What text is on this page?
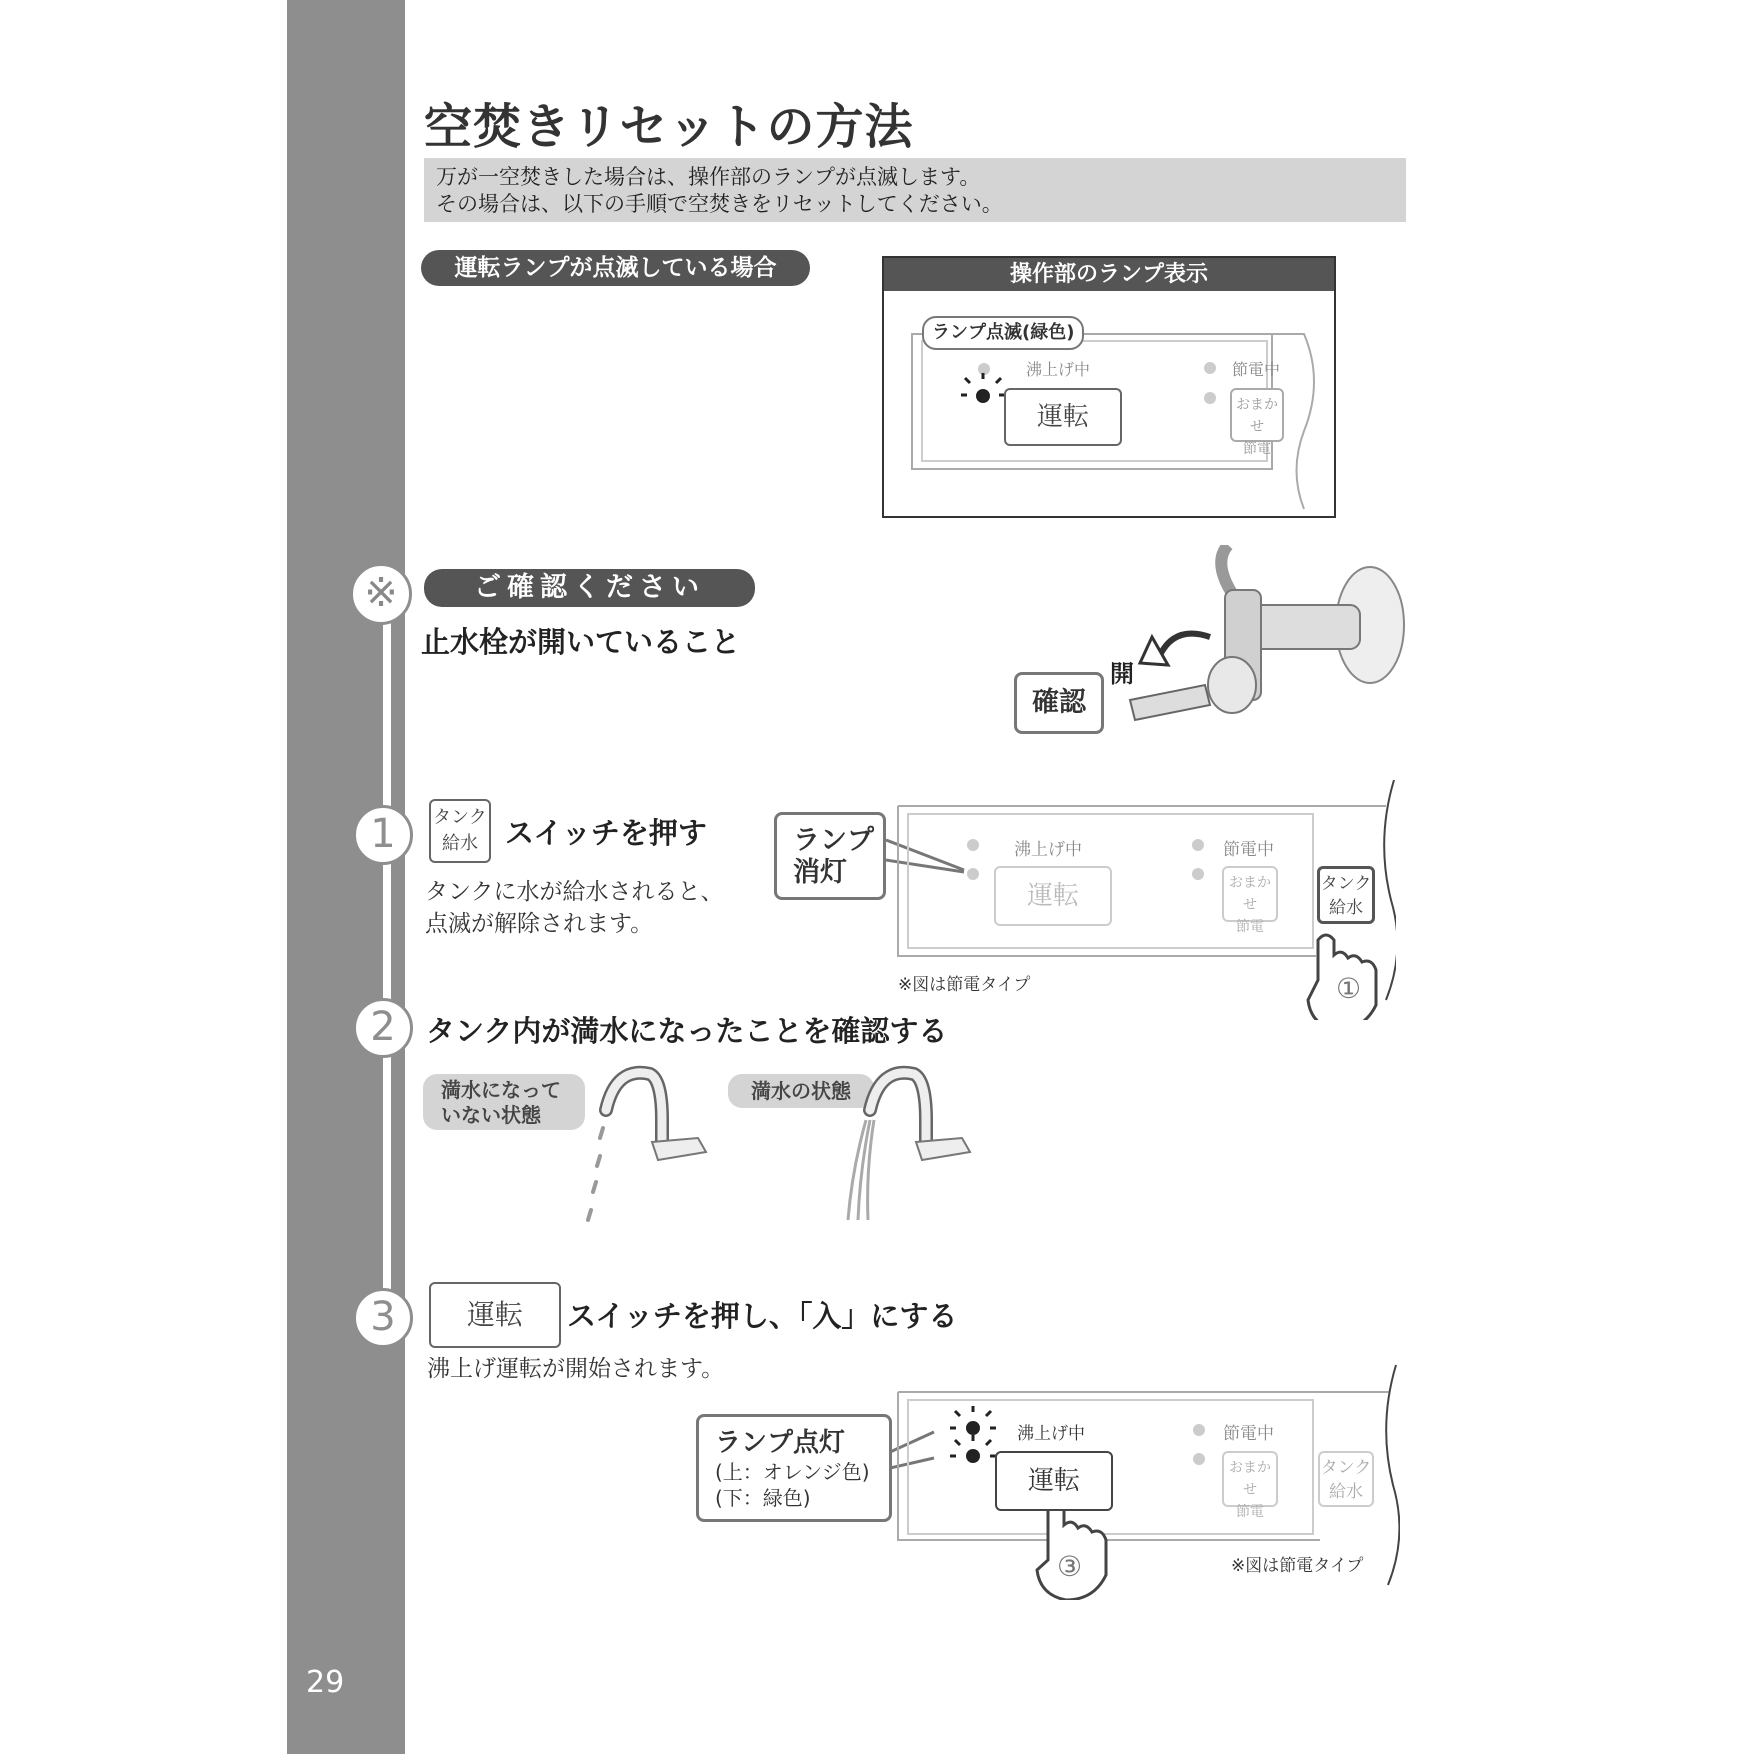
29
空焚きリセットの方法
万が一空焚きした場合は、操作部のランプが点滅します。
その場合は、以下の手順で空焚きをリセットしてください。
運転ランプが点滅している場合	操作部のランプ表示
ランプ点滅(緑色)
沸上げ中	節電中
運転	おまかせ
節電
※	ご確認ください
止水栓が開いていること
開
確認
1	タンク
給水 スイッチを押す
タンクに水が給水されると、
点滅が解除されます。
ランプ
消灯
沸上げ中	節電中
運転	おまかせ
節電
タンク
給水
①
※図は節電タイプ
2	タンク内が満水になったことを確認する
満水になって
いない状態
満水の状態
3	運転	スイッチを押し、「入」にする
沸上げ運転が開始されます。
ランプ点灯
(上：オレンジ色)
(下：緑色)
沸上げ中	節電中
運転	おまかせ
節電
タンク
給水
③	※図は節電タイプ
